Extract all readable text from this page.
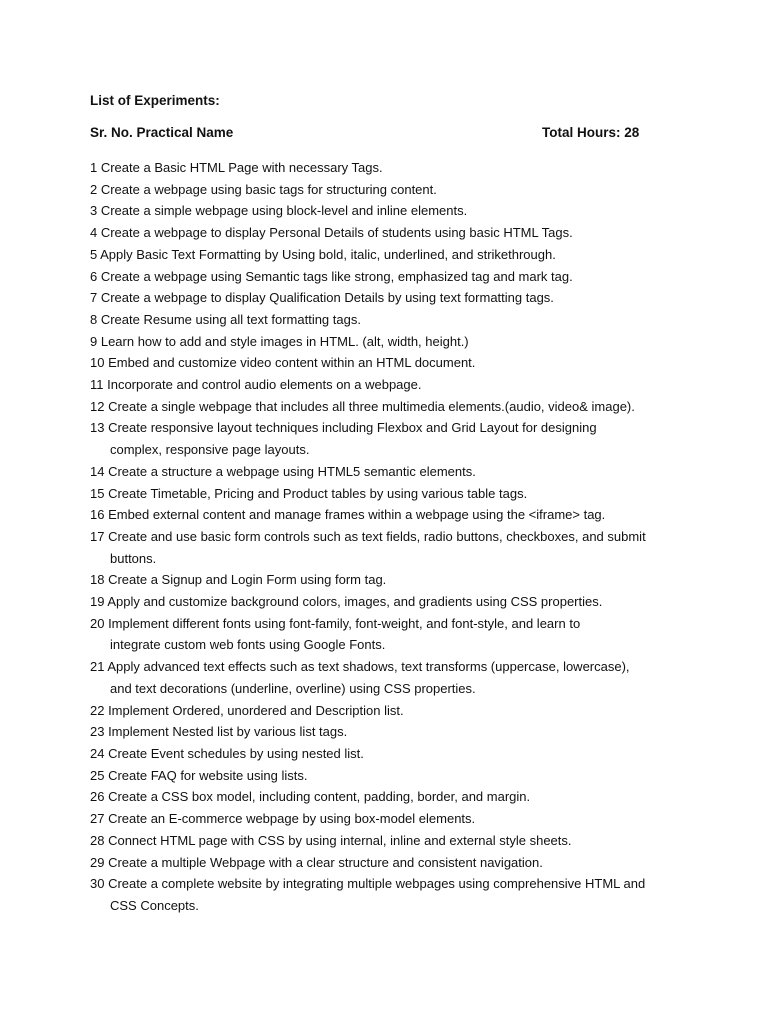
List of Experiments:
Sr. No. Practical Name	Total Hours: 28
1 Create a Basic HTML Page with necessary Tags.
2 Create a webpage using basic tags for structuring content.
3 Create a simple webpage using block-level and inline elements.
4 Create a webpage to display Personal Details of students using basic HTML Tags.
5 Apply Basic Text Formatting by Using bold, italic, underlined, and strikethrough.
6 Create a webpage using Semantic tags like strong, emphasized tag and mark tag.
7 Create a webpage to display Qualification Details by using text formatting tags.
8 Create Resume using all text formatting tags.
9 Learn how to add and style images in HTML. (alt, width, height.)
10 Embed and customize video content within an HTML document.
11 Incorporate and control audio elements on a webpage.
12 Create a single webpage that includes all three multimedia elements.(audio, video& image).
13 Create responsive layout techniques including Flexbox and Grid Layout for designing
complex, responsive page layouts.
14 Create a structure a webpage using HTML5 semantic elements.
15 Create Timetable, Pricing and Product tables by using various table tags.
16 Embed external content and manage frames within a webpage using the <iframe> tag.
17 Create and use basic form controls such as text fields, radio buttons, checkboxes, and submit
buttons.
18 Create a Signup and Login Form using form tag.
19 Apply and customize background colors, images, and gradients using CSS properties.
20 Implement different fonts using font-family, font-weight, and font-style, and learn to
integrate custom web fonts using Google Fonts.
21 Apply advanced text effects such as text shadows, text transforms (uppercase, lowercase),
and text decorations (underline, overline) using CSS properties.
22 Implement Ordered, unordered and Description list.
23 Implement Nested list by various list tags.
24 Create Event schedules by using nested list.
25 Create FAQ for website using lists.
26 Create a CSS box model, including content, padding, border, and margin.
27 Create an E-commerce webpage by using box-model elements.
28 Connect HTML page with CSS by using internal, inline and external style sheets.
29 Create a multiple Webpage with a clear structure and consistent navigation.
30 Create a complete website by integrating multiple webpages using comprehensive HTML and
CSS Concepts.
